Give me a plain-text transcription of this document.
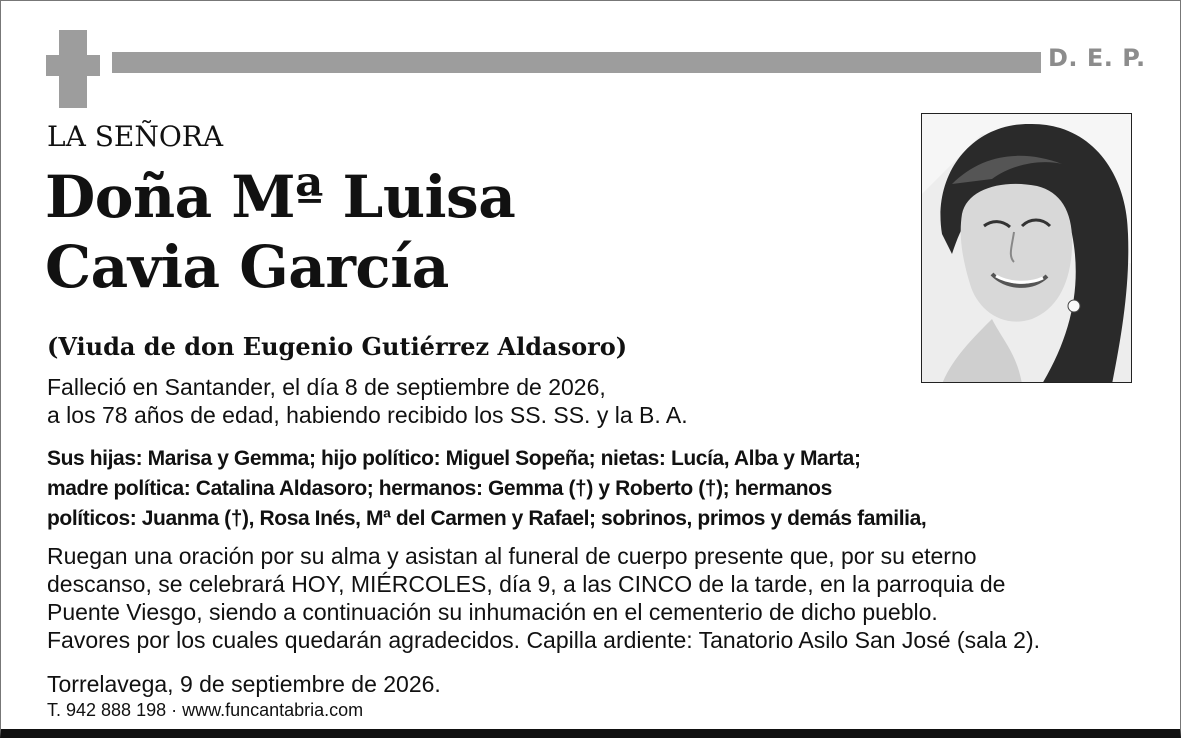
D. E. P.
LA SEÑORA
Doña Mª Luisa
Cavia García
(Viuda de don Eugenio Gutiérrez Aldasoro)
Falleció en Santander, el día 8 de septiembre de 2026,
a los 78 años de edad, habiendo recibido los SS. SS. y la B. A.
Sus hijas: Marisa y Gemma; hijo político: Miguel Sopeña; nietas: Lucía, Alba y Marta;
madre política: Catalina Aldasoro; hermanos: Gemma (†) y Roberto (†); hermanos
políticos: Juanma (†), Rosa Inés, Mª del Carmen y Rafael; sobrinos, primos y demás familia,
Ruegan una oración por su alma y asistan al funeral de cuerpo presente que, por su eterno
descanso, se celebrará HOY, MIÉRCOLES, día 9, a las CINCO de la tarde, en la parroquia de
Puente Viesgo, siendo a continuación su inhumación en el cementerio de dicho pueblo.
Favores por los cuales quedarán agradecidos. Capilla ardiente: Tanatorio Asilo San José (sala 2).
Torrelavega, 9 de septiembre de 2026.
T. 942 888 198 · www.funcantabria.com
